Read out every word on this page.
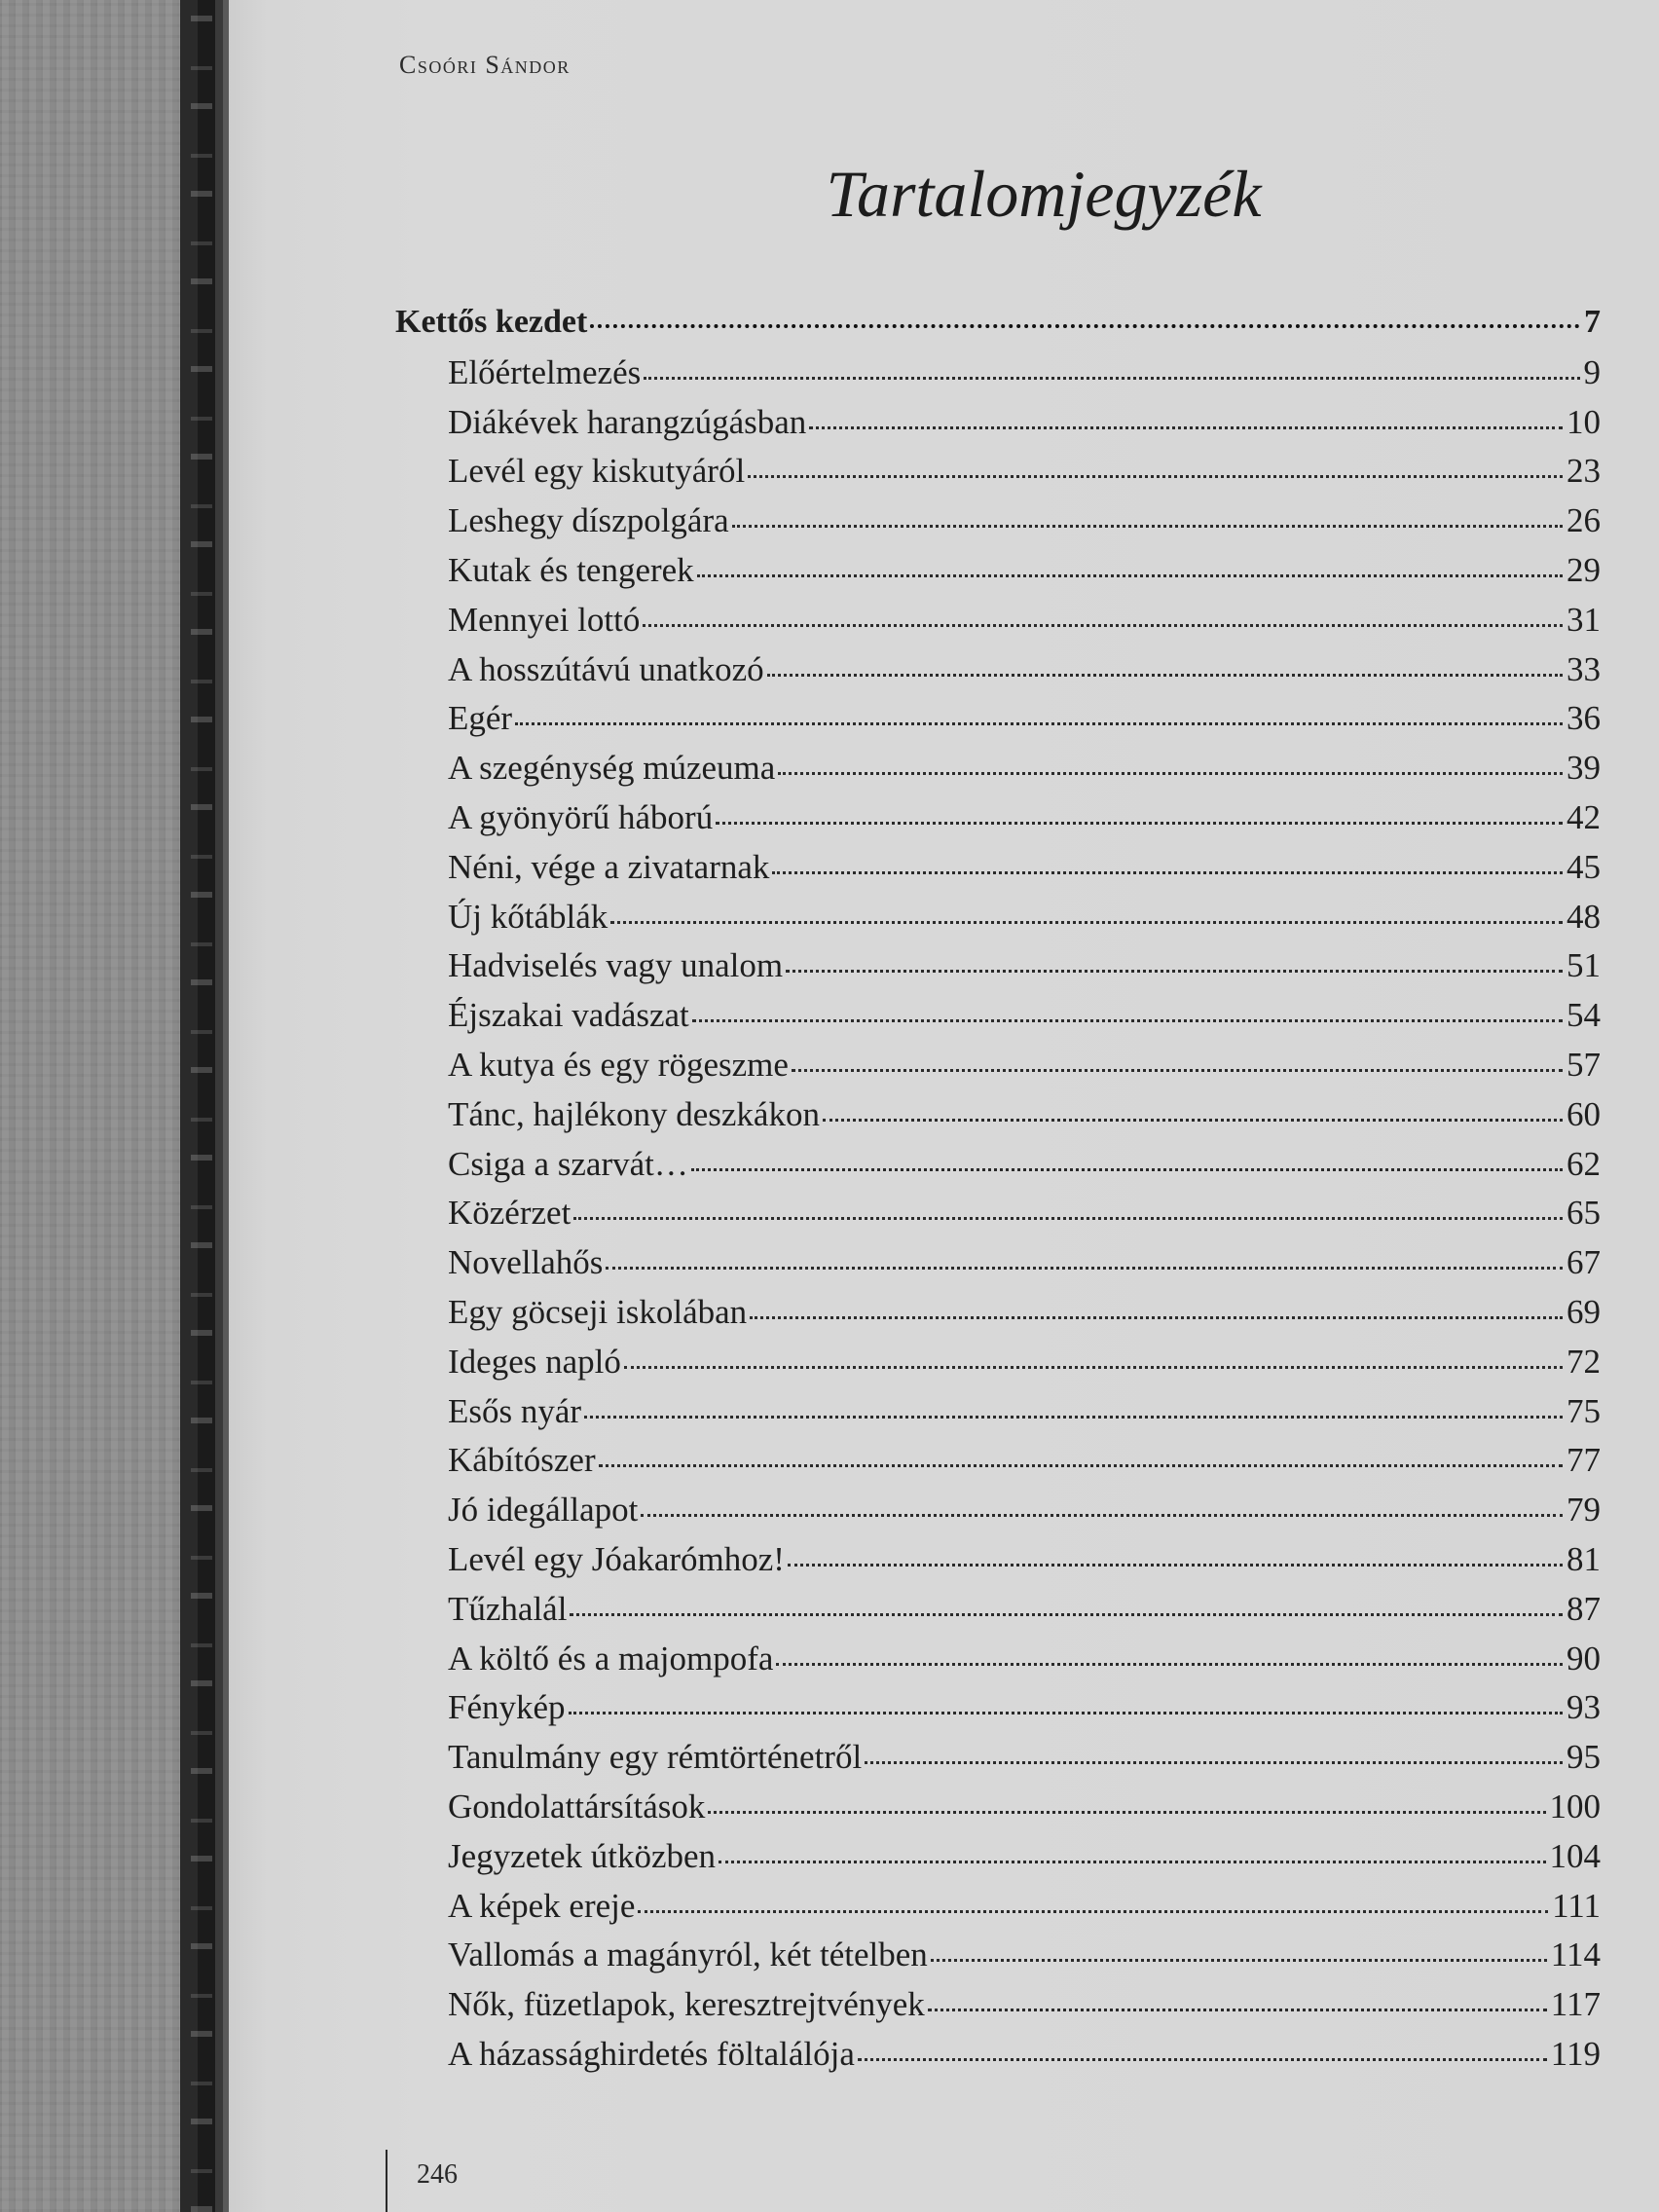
Csoóri Sándor
Tartalomjegyzék
Kettős kezdet	7
Előértelmezés	9
Diákévek harangzúgásban	10
Levél egy kiskutyáról	23
Leshegy díszpolgára	26
Kutak és tengerek	29
Mennyei lottó	31
A hosszútávú unatkozó	33
Egér	36
A szegénység múzeuma	39
A gyönyörű háború	42
Néni, vége a zivatarnak	45
Új kőtáblák	48
Hadviselés vagy unalom	51
Éjszakai vadászat	54
A kutya és egy rögeszme	57
Tánc, hajlékony deszkákon	60
Csiga a szarvát…	62
Közérzet	65
Novellahős	67
Egy göcseji iskolában	69
Ideges napló	72
Esős nyár	75
Kábítószer	77
Jó idegállapot	79
Levél egy Jóakarómhoz!	81
Tűzhalál	87
A költő és a majompofa	90
Fénykép	93
Tanulmány egy rémtörténetről	95
Gondolattársítások	100
Jegyzetek útközben	104
A képek ereje	111
Vallomás a magányról, két tételben	114
Nők, füzetlapok, keresztrejtvények	117
A házassághirdetés föltalálója	119
246
